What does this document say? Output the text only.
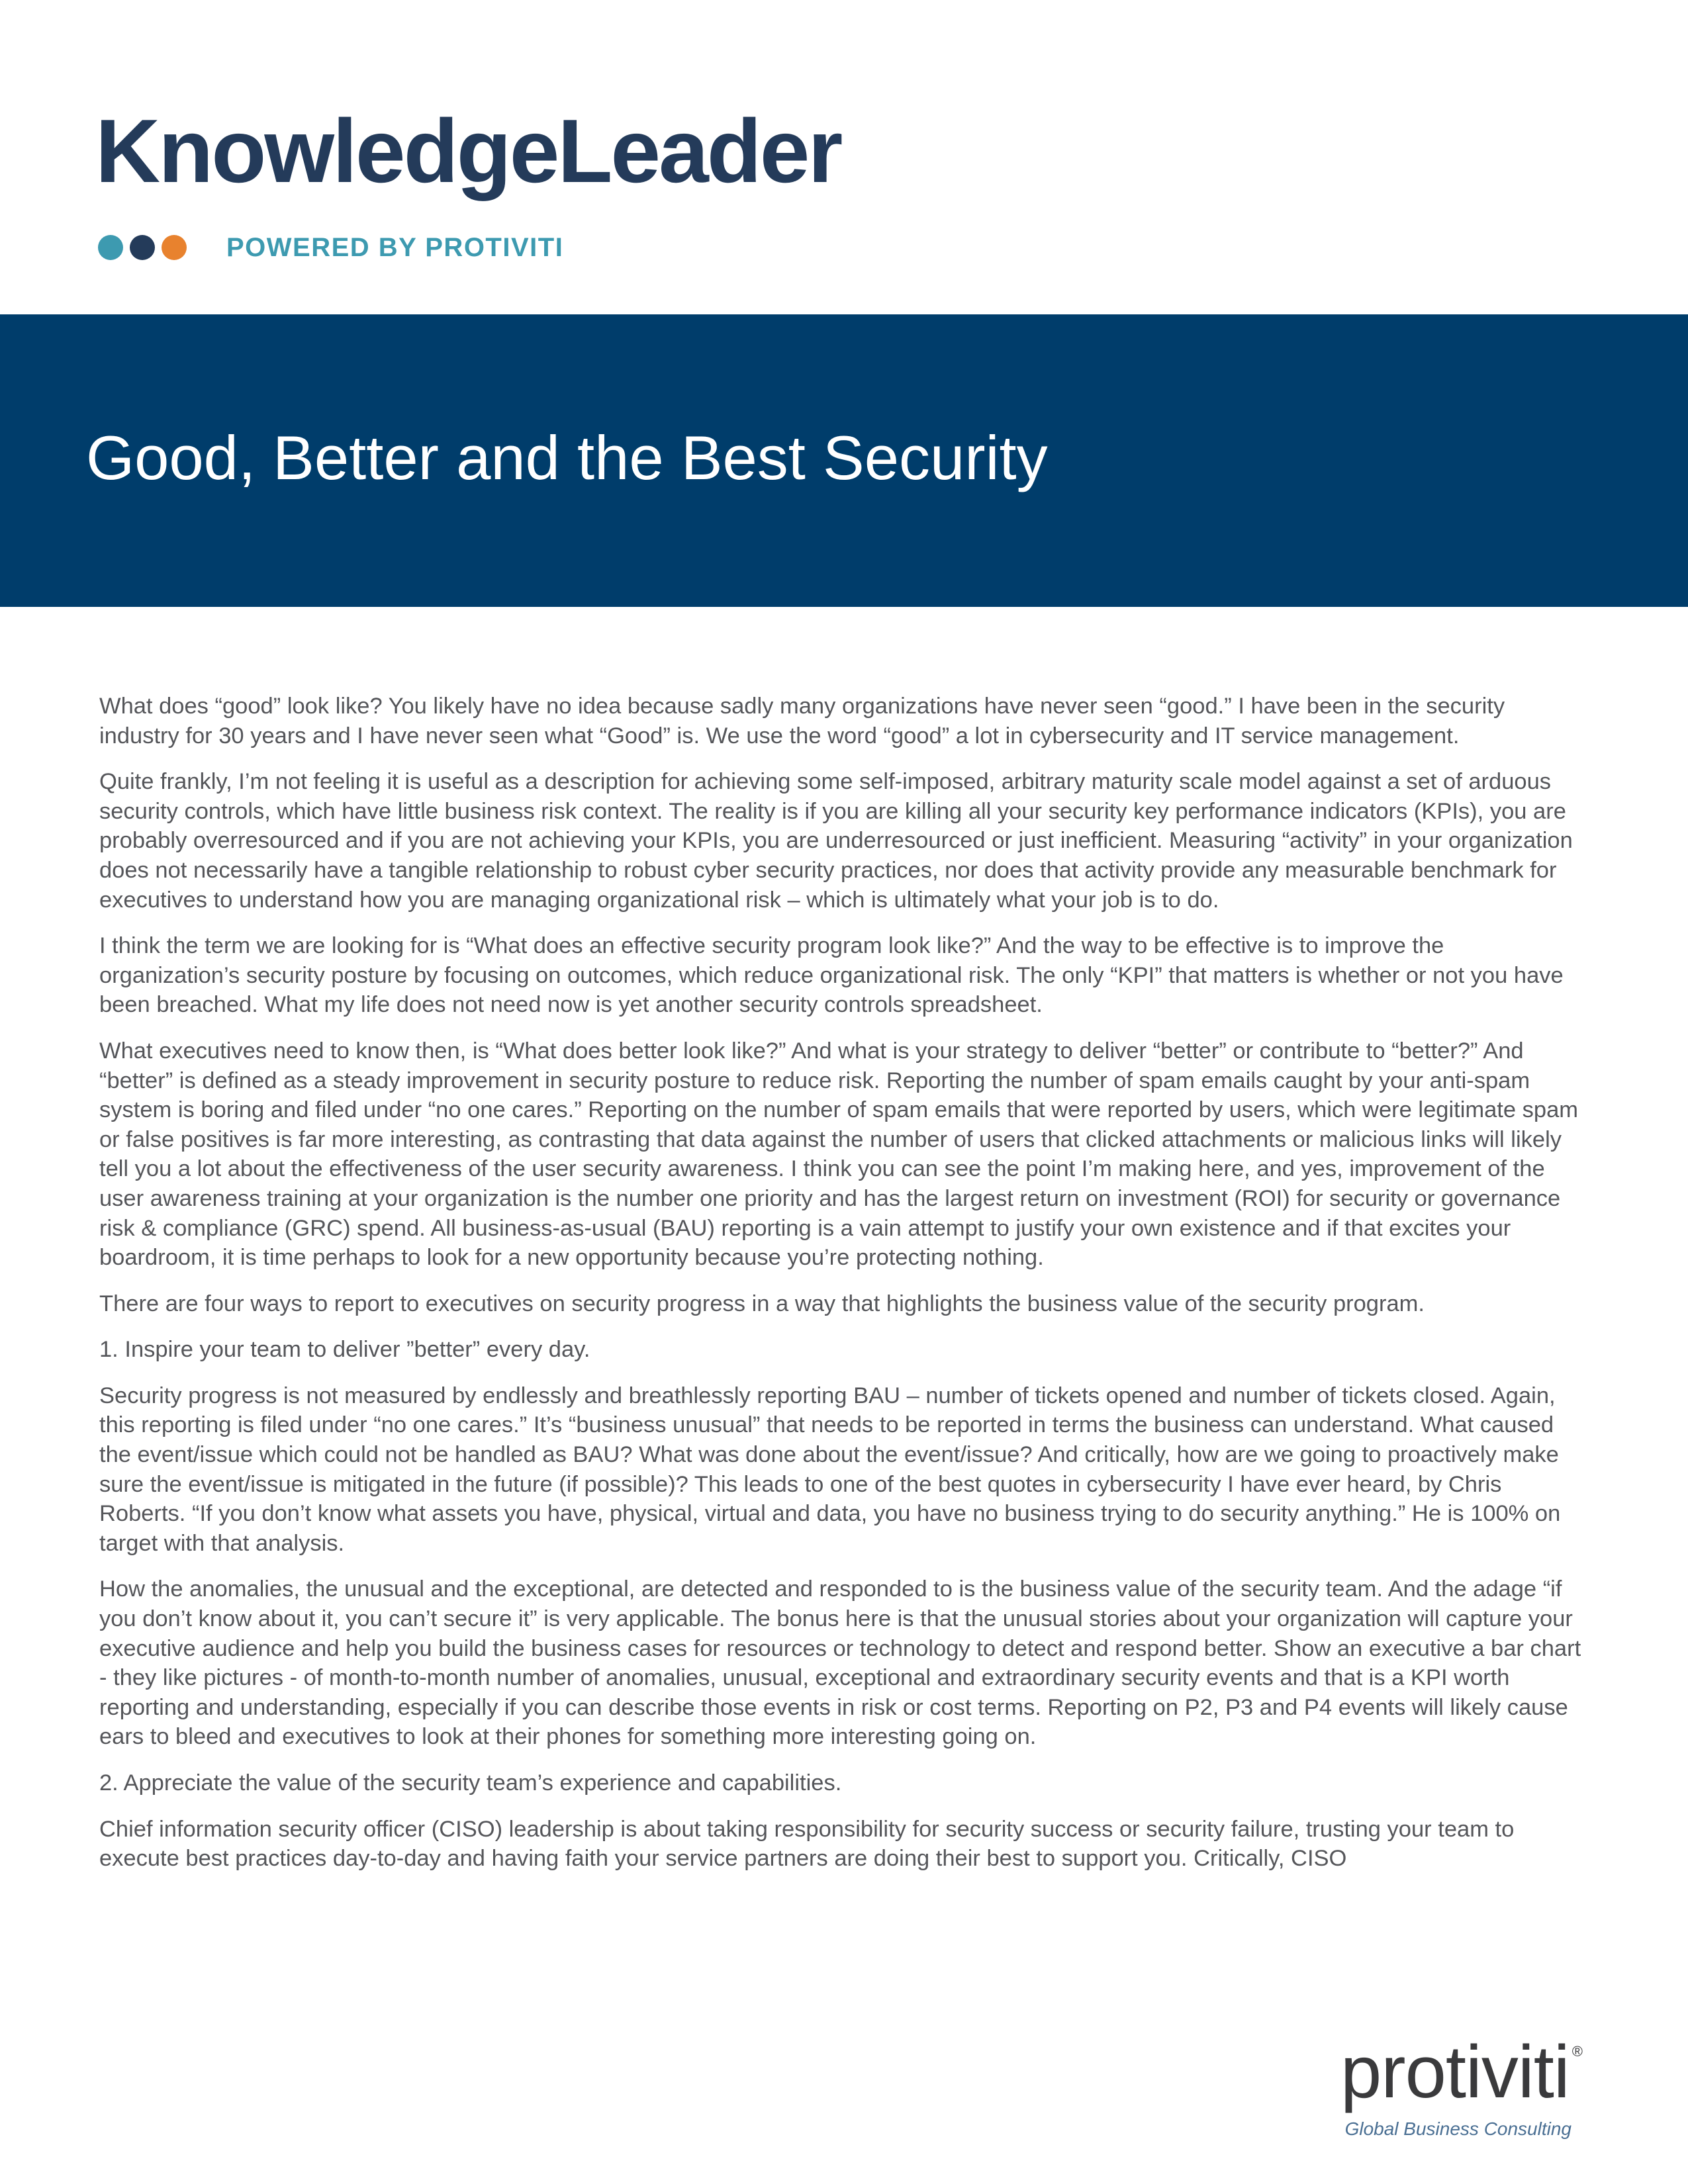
KnowledgeLeader
POWERED BY PROTIVITI
Good, Better and the Best Security

What does “good” look like? You likely have no idea because sadly many organizations have never seen “good.” I have been in the security industry for 30 years and I have never seen what “Good” is. We use the word “good” a lot in cybersecurity and IT service management.

Quite frankly, I’m not feeling it is useful as a description for achieving some self-imposed, arbitrary maturity scale model against a set of arduous security controls, which have little business risk context. The reality is if you are killing all your security key performance indicators (KPIs), you are probably overresourced and if you are not achieving your KPIs, you are underresourced or just inefficient. Measuring “activity” in your organization does not necessarily have a tangible relationship to robust cyber security practices, nor does that activity provide any measurable benchmark for executives to understand how you are managing organizational risk – which is ultimately what your job is to do.

I think the term we are looking for is “What does an effective security program look like?” And the way to be effective is to improve the organization’s security posture by focusing on outcomes, which reduce organizational risk. The only “KPI” that matters is whether or not you have been breached. What my life does not need now is yet another security controls spreadsheet.

What executives need to know then, is “What does better look like?” And what is your strategy to deliver “better” or contribute to “better?” And “better” is defined as a steady improvement in security posture to reduce risk. Reporting the number of spam emails caught by your anti-spam system is boring and filed under “no one cares.” Reporting on the number of spam emails that were reported by users, which were legitimate spam or false positives is far more interesting, as contrasting that data against the number of users that clicked attachments or malicious links will likely tell you a lot about the effectiveness of the user security awareness. I think you can see the point I’m making here, and yes, improvement of the user awareness training at your organization is the number one priority and has the largest return on investment (ROI) for security or governance risk & compliance (GRC) spend. All business-as-usual (BAU) reporting is a vain attempt to justify your own existence and if that excites your boardroom, it is time perhaps to look for a new opportunity because you’re protecting nothing.

There are four ways to report to executives on security progress in a way that highlights the business value of the security program.

1. Inspire your team to deliver ”better” every day.

Security progress is not measured by endlessly and breathlessly reporting BAU – number of tickets opened and number of tickets closed. Again, this reporting is filed under “no one cares.” It’s “business unusual” that needs to be reported in terms the business can understand. What caused the event/issue which could not be handled as BAU? What was done about the event/issue? And critically, how are we going to proactively make sure the event/issue is mitigated in the future (if possible)? This leads to one of the best quotes in cybersecurity I have ever heard, by Chris Roberts. “If you don’t know what assets you have, physical, virtual and data, you have no business trying to do security anything.” He is 100% on target with that analysis.

How the anomalies, the unusual and the exceptional, are detected and responded to is the business value of the security team. And the adage “if you don’t know about it, you can’t secure it” is very applicable. The bonus here is that the unusual stories about your organization will capture your executive audience and help you build the business cases for resources or technology to detect and respond better. Show an executive a bar chart - they like pictures - of month-to-month number of anomalies, unusual, exceptional and extraordinary security events and that is a KPI worth reporting and understanding, especially if you can describe those events in risk or cost terms. Reporting on P2, P3 and P4 events will likely cause ears to bleed and executives to look at their phones for something more interesting going on.

2. Appreciate the value of the security team’s experience and capabilities.

Chief information security officer (CISO) leadership is about taking responsibility for security success or security failure, trusting your team to execute best practices day-to-day and having faith your service partners are doing their best to support you. Critically, CISO

protiviti ®
Global Business Consulting
